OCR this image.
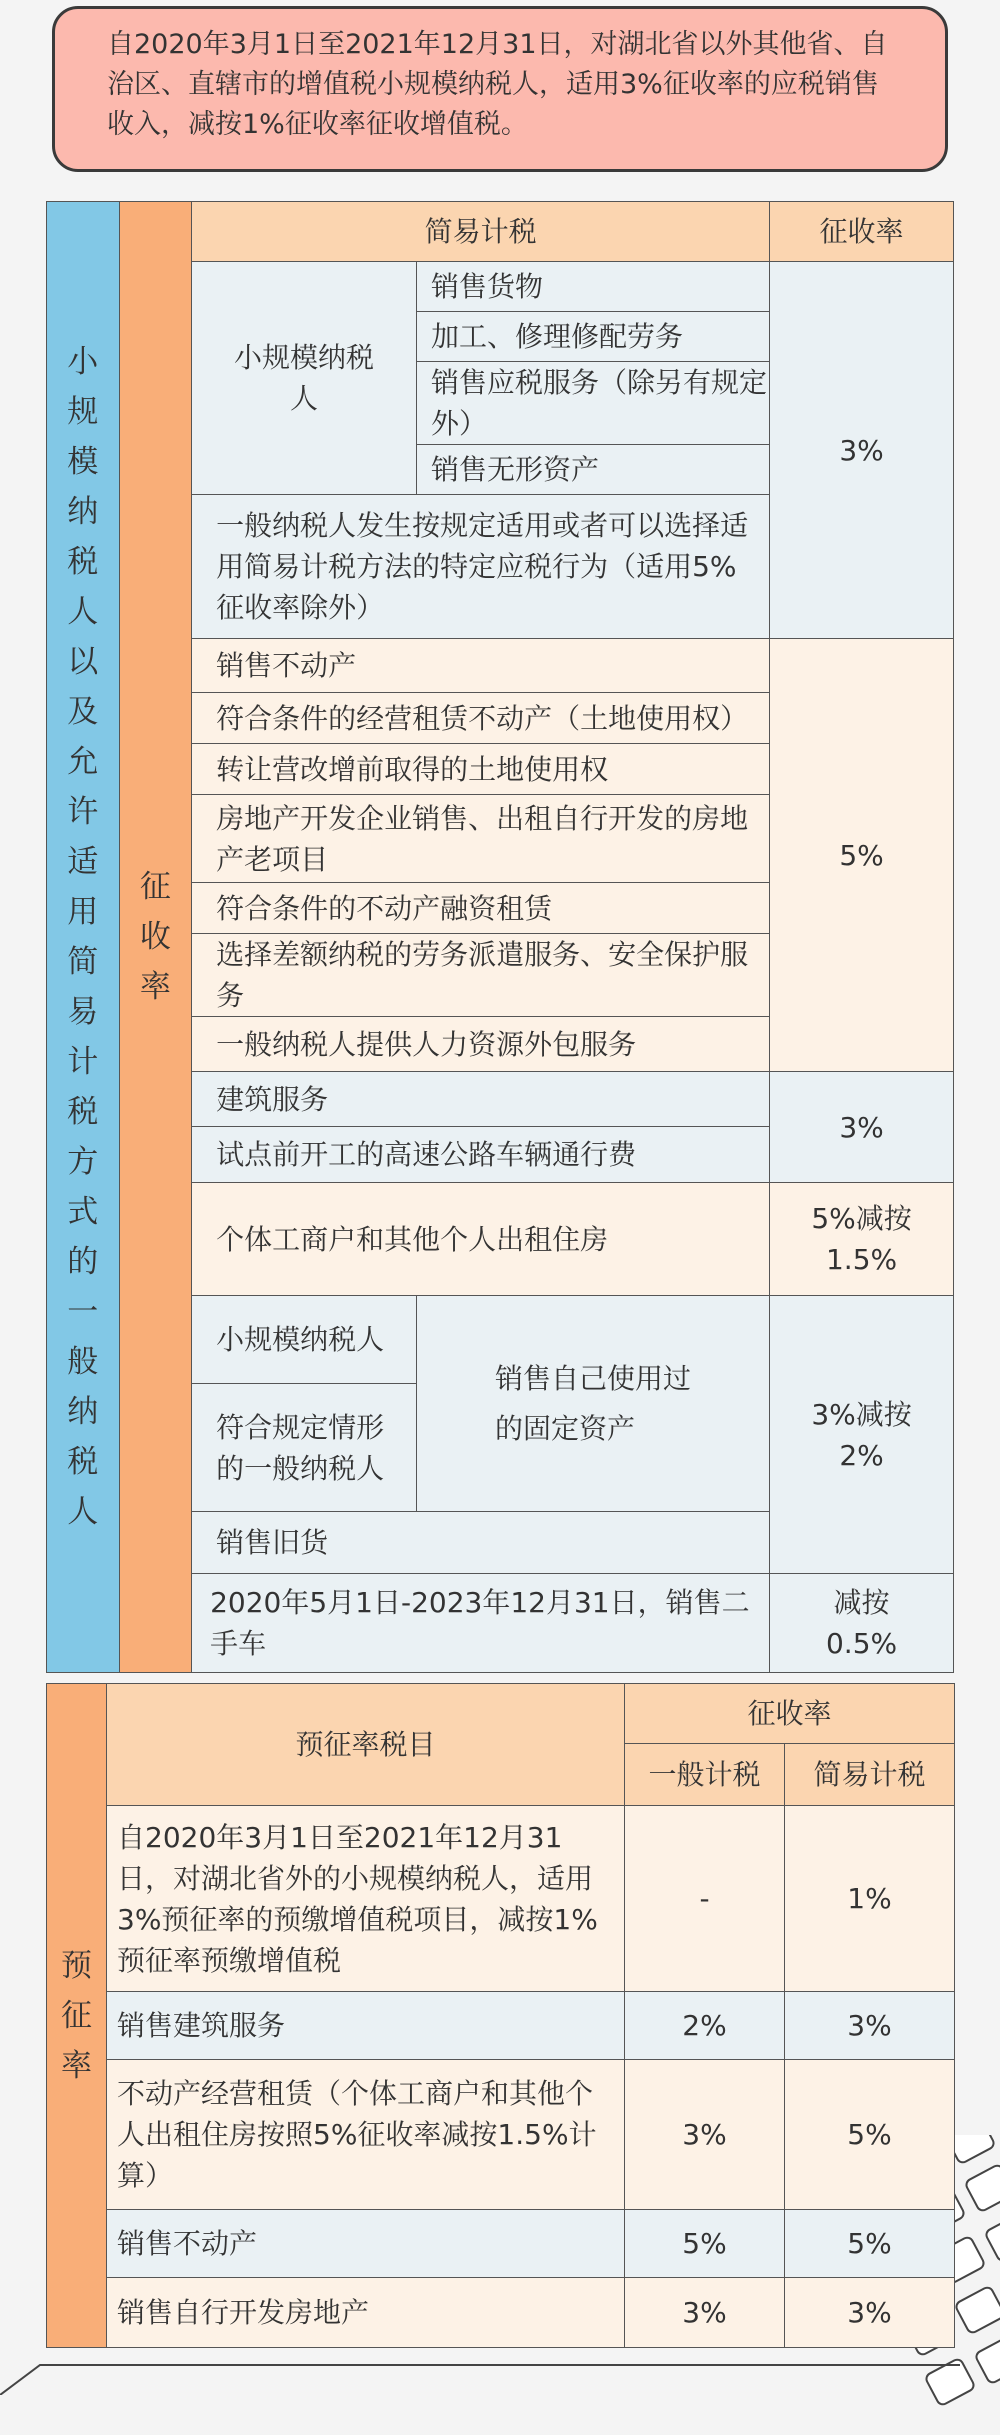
自2020年3月1日至2021年12月31日，对湖北省以外其他省、自治区、直辖市的增值税小规模纳税人，适用3%征收率的应税销售收入，减按1%征收率征收增值税。
小规模纳税人以及允许适用简易计税方式的一般纳税人	征收率	简易计税		征收率
		小规模纳税人	销售货物	3%
			加工、修理修配劳务	
			销售应税服务（除另有规定外）	
			销售无形资产	
		一般纳税人发生按规定适用或者可以选择适用简易计税方法的特定应税行为（适用5%征收率除外）		
		销售不动产		5%
		符合条件的经营租赁不动产（土地使用权）		
		转让营改增前取得的土地使用权		
		房地产开发企业销售、出租自行开发的房地产老项目		
		符合条件的不动产融资租赁		
		选择差额纳税的劳务派遣服务、安全保护服务		
		一般纳税人提供人力资源外包服务		
		建筑服务		3%
		试点前开工的高速公路车辆通行费		
		个体工商户和其他个人出租住房		5%减按1.5%
		小规模纳税人	销售自己使用过的固定资产	3%减按2%
		符合规定情形的一般纳税人		
		销售旧货		
		2020年5月1日-2023年12月31日，销售二手车		减按0.5%
预征率	预征率税目	征收率	
		一般计税	简易计税
	自2020年3月1日至2021年12月31日，对湖北省外的小规模纳税人，适用3%预征率的预缴增值税项目，减按1%预征率预缴增值税	-	1%
	销售建筑服务	2%	3%
	不动产经营租赁（个体工商户和其他个人出租住房按照5%征收率减按1.5%计算）	3%	5%
	销售不动产	5%	5%
	销售自行开发房地产	3%	3%
